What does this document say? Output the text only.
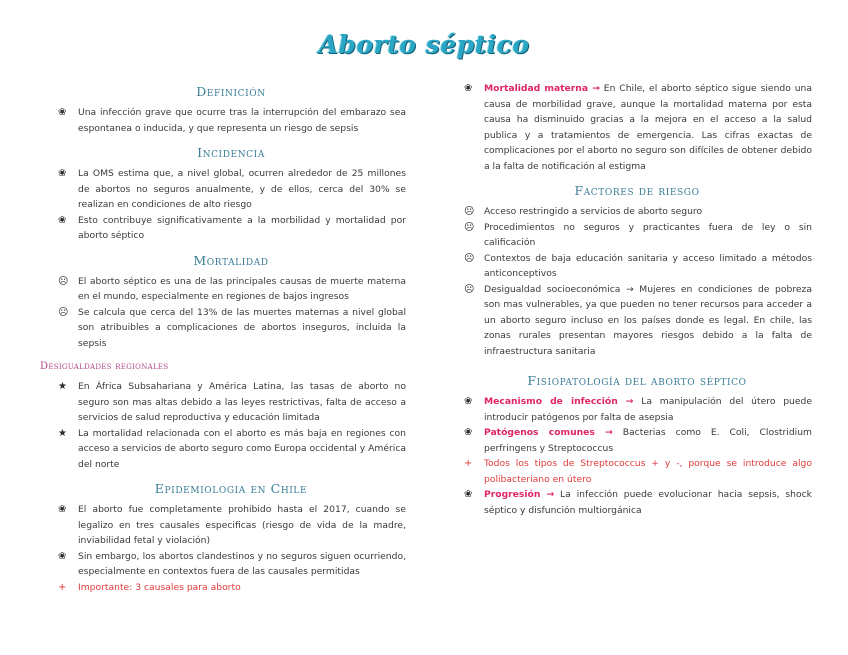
Aborto séptico
Definición
❀ Una infección grave que ocurre tras la interrupción del embarazo sea espontanea o inducida, y que representa un riesgo de sepsis
Incidencia
❀ La OMS estima que, a nivel global, ocurren alrededor de 25 millones de abortos no seguros anualmente, y de ellos, cerca del 30% se realizan en condiciones de alto riesgo
❀ Esto contribuye significativamente a la morbilidad y mortalidad por aborto séptico
Mortalidad
☹ El aborto séptico es una de las principales causas de muerte materna en el mundo, especialmente en regiones de bajos ingresos
☹ Se calcula que cerca del 13% de las muertes maternas a nivel global son atribuibles a complicaciones de abortos inseguros, incluida la sepsis
Desigualdades regionales
★ En África Subsahariana y América Latina, las tasas de aborto no seguro son mas altas debido a las leyes restrictivas, falta de acceso a servicios de salud reproductiva y educación limitada
★ La mortalidad relacionada con el aborto es más baja en regiones con acceso a servicios de aborto seguro como Europa occidental y América del norte
Epidemiologia en Chile
❀ El aborto fue completamente prohibido hasta el 2017, cuando se legalizo en tres causales especificas (riesgo de vida de la madre, inviabilidad fetal y violación)
❀ Sin embargo, los abortos clandestinos y no seguros siguen ocurriendo, especialmente en contextos fuera de las causales permitidas
+ Importante: 3 causales para aborto
❀ Mortalidad materna → En Chile, el aborto séptico sigue siendo una causa de morbilidad grave, aunque la mortalidad materna por esta causa ha disminuido gracias a la mejora en el acceso a la salud publica y a tratamientos de emergencia. Las cifras exactas de complicaciones por el aborto no seguro son difíciles de obtener debido a la falta de notificación al estigma
Factores de riesgo
☹ Acceso restringido a servicios de aborto seguro
☹ Procedimientos no seguros y practicantes fuera de ley o sin calificación
☹ Contextos de baja educación sanitaria y acceso limitado a métodos anticonceptivos
☹ Desigualdad socioeconómica → Mujeres en condiciones de pobreza son mas vulnerables, ya que pueden no tener recursos para acceder a un aborto seguro incluso en los países donde es legal. En chile, las zonas rurales presentan mayores riesgos debido a la falta de infraestructura sanitaria
Fisiopatología del aborto séptico
❀ Mecanismo de infección → La manipulación del útero puede introducir patógenos por falta de asepsia
❀ Patógenos comunes → Bacterias como E. Coli, Clostridium perfringens y Streptococcus
+ Todos los tipos de Streptococcus + y -, porque se introduce algo polibacteriano en útero
❀ Progresión → La infección puede evolucionar hacia sepsis, shock séptico y disfunción multiorgánica
